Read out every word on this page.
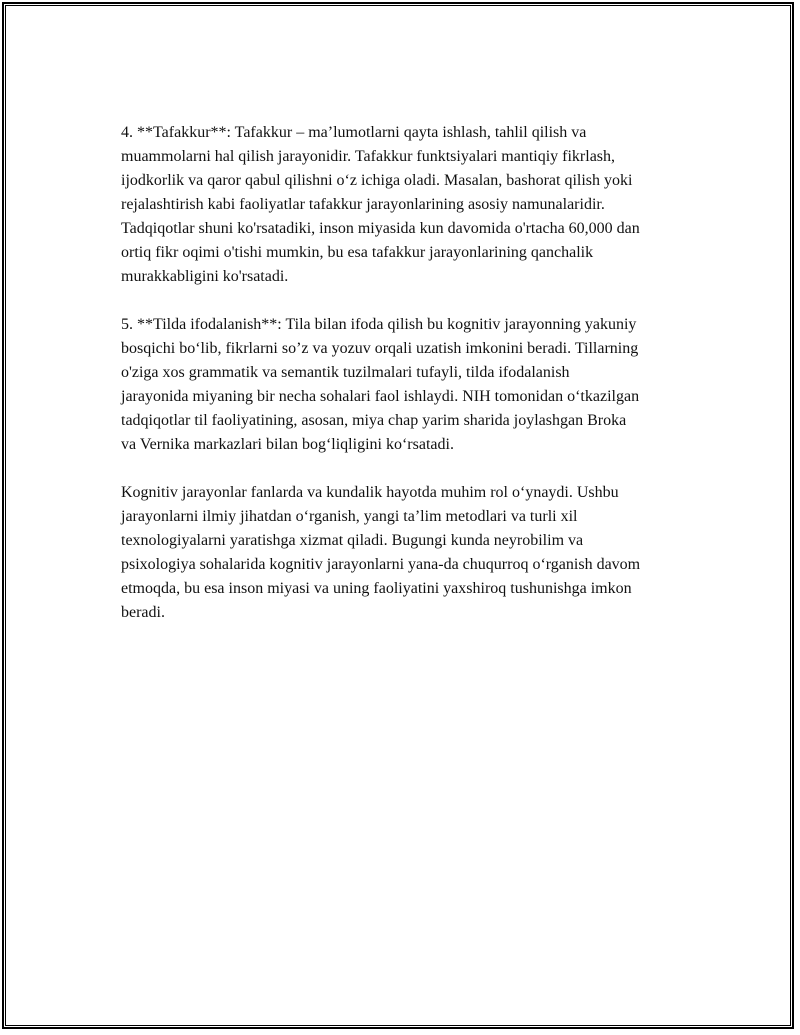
4. **Tafakkur**: Tafakkur – ma’lumotlarni qayta ishlash, tahlil qilish va muammolarni hal qilish jarayonidir. Tafakkur funktsiyalari mantiqiy fikrlash, ijodkorlik va qaror qabul qilishni o‘z ichiga oladi. Masalan, bashorat qilish yoki rejalashtirish kabi faoliyatlar tafakkur jarayonlarining asosiy namunalaridir. Tadqiqotlar shuni ko'rsatadiki, inson miyasida kun davomida o'rtacha 60,000 dan ortiq fikr oqimi o'tishi mumkin, bu esa tafakkur jarayonlarining qanchalik murakkabligini ko'rsatadi.

5. **Tilda ifodalanish**: Tila bilan ifoda qilish bu kognitiv jarayonning yakuniy bosqichi bo‘lib, fikrlarni so’z va yozuv orqali uzatish imkonini beradi. Tillarning o'ziga xos grammatik va semantik tuzilmalari tufayli, tilda ifodalanish jarayonida miyaning bir necha sohalari faol ishlaydi. NIH tomonidan o‘tkazilgan tadqiqotlar til faoliyatining, asosan, miya chap yarim sharida joylashgan Broka va Vernika markazlari bilan bog‘liqligini ko‘rsatadi.

Kognitiv jarayonlar fanlarda va kundalik hayotda muhim rol o‘ynaydi. Ushbu jarayonlarni ilmiy jihatdan o‘rganish, yangi ta’lim metodlari va turli xil texnologiyalarni yaratishga xizmat qiladi. Bugungi kunda neyrobilim va psixologiya sohalarida kognitiv jarayonlarni yana-da chuqurroq o‘rganish davom etmoqda, bu esa inson miyasi va uning faoliyatini yaxshiroq tushunishga imkon beradi.
